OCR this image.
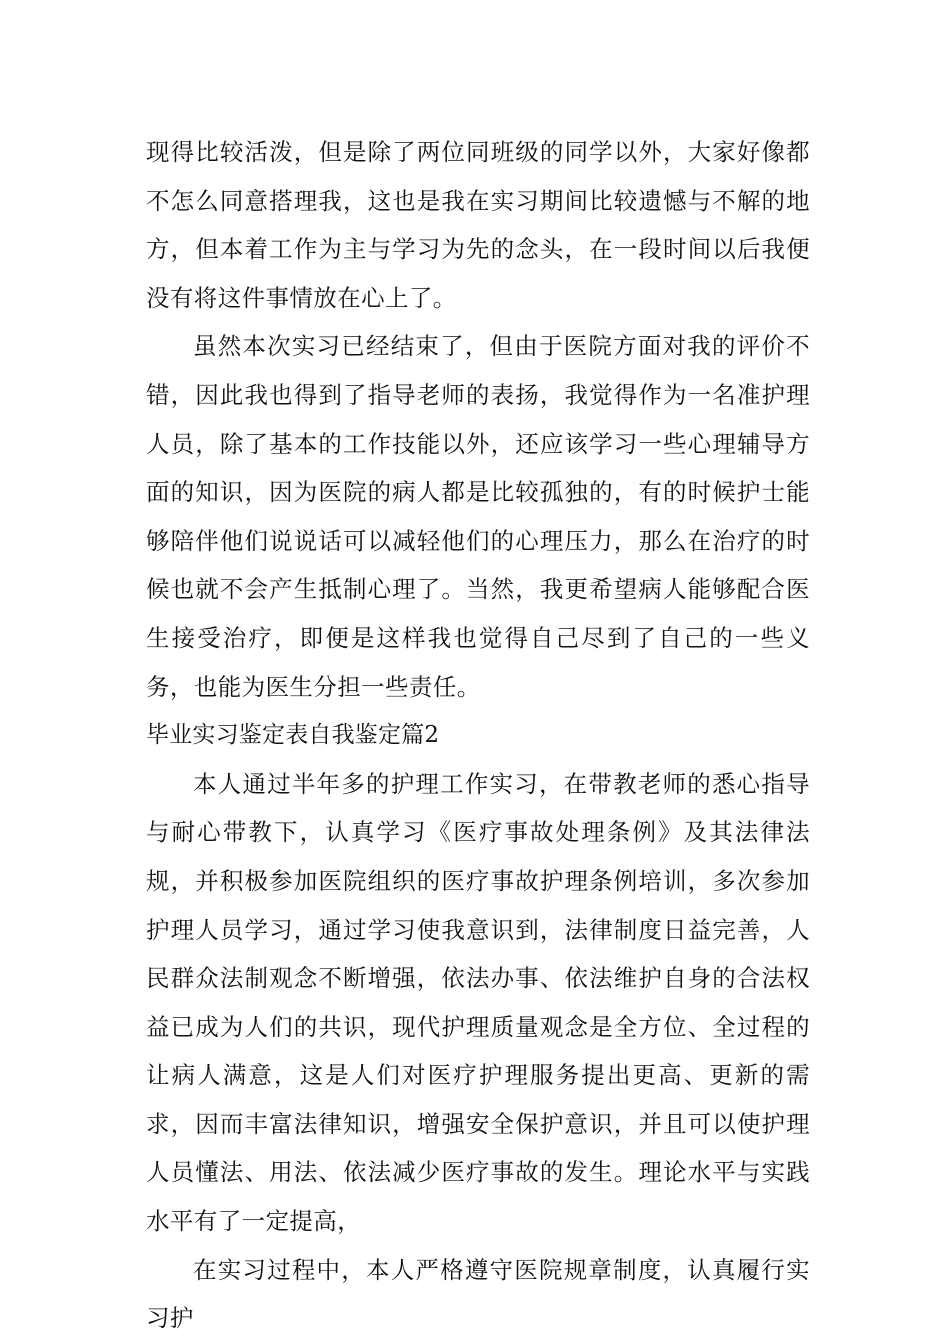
现得比较活泼，但是除了两位同班级的同学以外，大家好像都不怎么同意搭理我，这也是我在实习期间比较遗憾与不解的地方，但本着工作为主与学习为先的念头，在一段时间以后我便没有将这件事情放在心上了。

虽然本次实习已经结束了，但由于医院方面对我的评价不错，因此我也得到了指导老师的表扬，我觉得作为一名准护理人员，除了基本的工作技能以外，还应该学习一些心理辅导方面的知识，因为医院的病人都是比较孤独的，有的时候护士能够陪伴他们说说话可以减轻他们的心理压力，那么在治疗的时候也就不会产生抵制心理了。当然，我更希望病人能够配合医生接受治疗，即便是这样我也觉得自己尽到了自己的一些义务，也能为医生分担一些责任。

毕业实习鉴定表自我鉴定篇2

本人通过半年多的护理工作实习，在带教老师的悉心指导与耐心带教下，认真学习《医疗事故处理条例》及其法律法规，并积极参加医院组织的医疗事故护理条例培训，多次参加护理人员学习，通过学习使我意识到，法律制度日益完善，人民群众法制观念不断增强，依法办事、依法维护自身的合法权益已成为人们的共识，现代护理质量观念是全方位、全过程的让病人满意，这是人们对医疗护理服务提出更高、更新的需求，因而丰富法律知识，增强安全保护意识，并且可以使护理人员懂法、用法、依法减少医疗事故的发生。理论水平与实践水平有了一定提高，

在实习过程中，本人严格遵守医院规章制度，认真履行实习护
